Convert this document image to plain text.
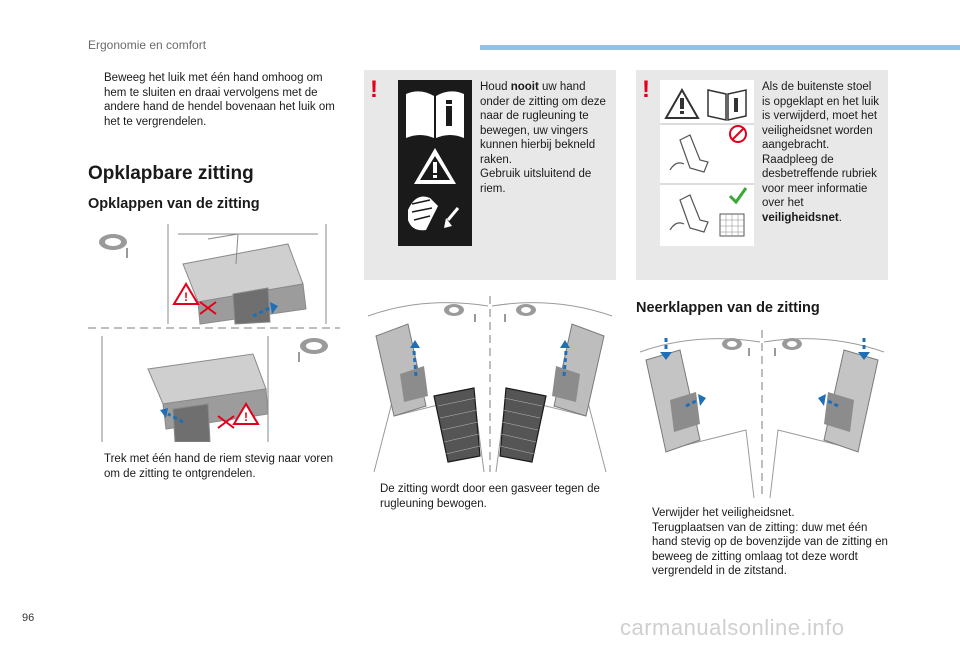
Ergonomie en comfort
Beweeg het luik met één hand omhoog om hem te sluiten en draai vervolgens met de andere hand de hendel bovenaan het luik om het te vergrendelen.
Opklapbare zitting
Opklappen van de zitting
!
!
Trek met één hand de riem stevig naar voren om de zitting te ontgrendelen.
!	Houd nooit uw hand onder de zitting om deze naar de rugleuning te bewegen, uw vingers kunnen hierbij bekneld raken.
Gebruik uitsluitend de riem.
De zitting wordt door een gasveer tegen de rugleuning bewogen.
!	Als de buitenste stoel is opgeklapt en het luik is verwijderd, moet het veiligheidsnet worden aangebracht. Raadpleeg de desbetreffende rubriek voor meer informatie over het veiligheidsnet.
Neerklappen van de zitting
Verwijder het veiligheidsnet.
Terugplaatsen van de zitting: duw met één hand stevig op de bovenzijde van de zitting en beweeg de zitting omlaag tot deze wordt vergrendeld in de zitstand.
96	carmanualsonline.info
